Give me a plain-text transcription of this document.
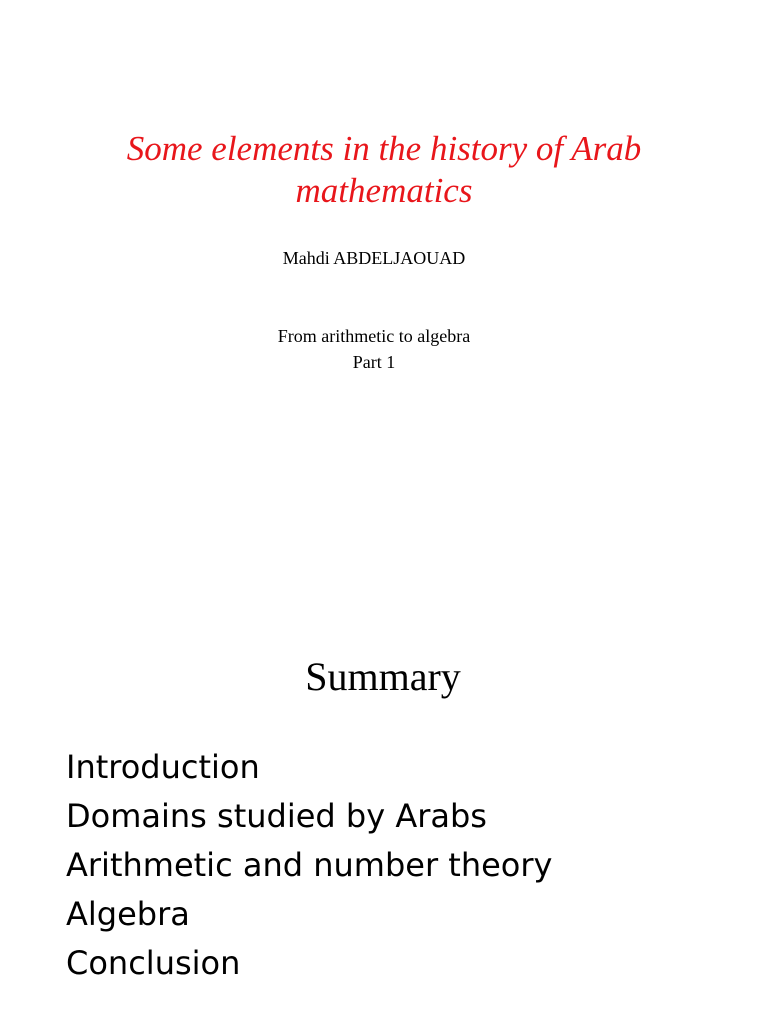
Some elements in the history of Arab mathematics
Mahdi ABDELJAOUAD
From arithmetic to algebra
Part 1
Summary
Introduction
Domains studied by Arabs
Arithmetic and number theory
Algebra
Conclusion
